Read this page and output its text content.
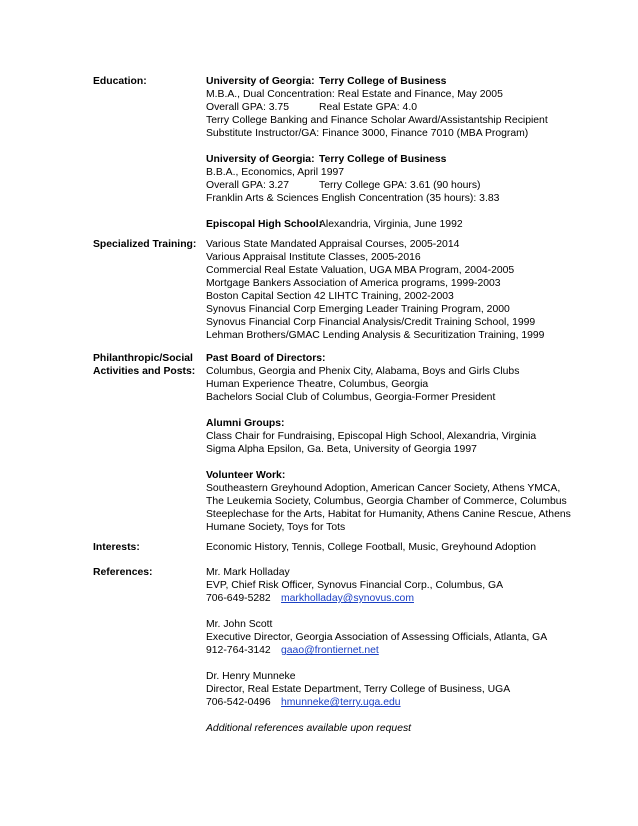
Education:	University of Georgia: Terry College of Business
M.B.A., Dual Concentration: Real Estate and Finance, May 2005
Overall GPA: 3.75	Real Estate GPA: 4.0
Terry College Banking and Finance Scholar Award/Assistantship Recipient
Substitute Instructor/GA: Finance 3000, Finance 7010 (MBA Program)
University of Georgia: Terry College of Business
B.B.A., Economics, April 1997
Overall GPA: 3.27	Terry College GPA: 3.61 (90 hours)
Franklin Arts & Sciences English Concentration (35 hours): 3.83
Episcopal High School:
Alexandria, Virginia, June 1992
Specialized Training: Various State Mandated Appraisal Courses, 2005-2014
Various Appraisal Institute Classes, 2005-2016
Commercial Real Estate Valuation, UGA MBA Program, 2004-2005
Mortgage Bankers Association of America programs, 1999-2003
Boston Capital Section 42 LIHTC Training, 2002-2003
Synovus Financial Corp Emerging Leader Training Program, 2000
Synovus Financial Corp Financial Analysis/Credit Training School, 1999
Lehman Brothers/GMAC Lending Analysis & Securitization Training, 1999
Philanthropic/Social
Activities and Posts:
Past Board of Directors:
Columbus, Georgia and Phenix City, Alabama, Boys and Girls Clubs
Human Experience Theatre, Columbus, Georgia
Bachelors Social Club of Columbus, Georgia-Former President
Alumni Groups:
Class Chair for Fundraising, Episcopal High School, Alexandria, Virginia
Sigma Alpha Epsilon, Ga. Beta, University of Georgia 1997
Volunteer Work:
Southeastern Greyhound Adoption, American Cancer Society, Athens YMCA,
The Leukemia Society, Columbus, Georgia Chamber of Commerce, Columbus
Steeplechase for the Arts, Habitat for Humanity, Athens Canine Rescue, Athens
Humane Society, Toys for Tots
Interests:	Economic History, Tennis, College Football, Music, Greyhound Adoption
References:	Mr. Mark Holladay
EVP, Chief Risk Officer, Synovus Financial Corp., Columbus, GA
706-649-5282 markholladay@synovus.com
Mr. John Scott
Executive Director, Georgia Association of Assessing Officials, Atlanta, GA
912-764-3142 gaao@frontiernet.net
Dr. Henry Munneke
Director, Real Estate Department, Terry College of Business, UGA
706-542-0496 hmunneke@terry.uga.edu
Additional references available upon request
